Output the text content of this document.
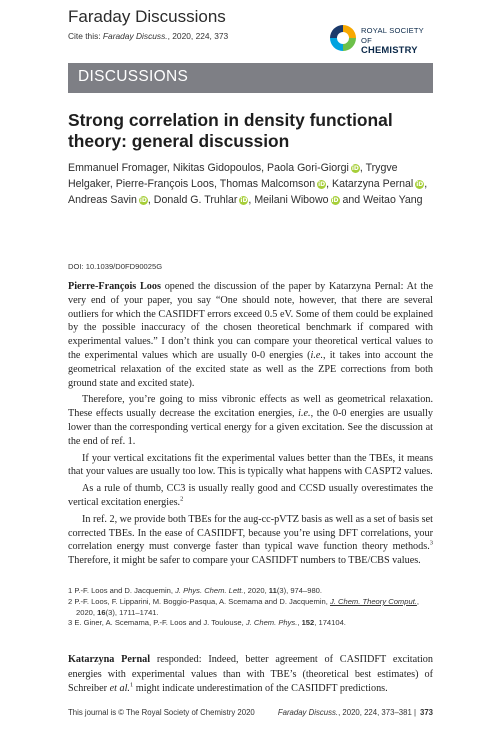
Faraday Discussions
Cite this: Faraday Discuss., 2020, 224, 373
ROYAL SOCIETY
OF CHEMISTRY
DISCUSSIONS
Strong correlation in density functional theory: general discussion
Emmanuel Fromager, Nikitas Gidopoulos, Paola Gori-Giorgi iD, Trygve Helgaker, Pierre-François Loos, Thomas Malcomson iD, Katarzyna Pernal iD, Andreas Savin iD, Donald G. Truhlar iD, Meilani Wibowo iD and Weitao Yang
DOI: 10.1039/D0FD90025G

Pierre-François Loos opened the discussion of the paper by Katarzyna Pernal: At the very end of your paper, you say “One should note, however, that there are several outliers for which the CASΠDFT errors exceed 0.5 eV. Some of them could be explained by the possible inaccuracy of the chosen theoretical benchmark if compared with experimental values.” I don’t think you can compare your theoretical vertical values to the experimental values which are usually 0-0 energies (i.e., it takes into account the geometrical relaxation of the excited state as well as the ZPE corrections from both ground state and excited state).

Therefore, you’re going to miss vibronic effects as well as geometrical relaxation. These effects usually decrease the excitation energies, i.e., the 0-0 energies are usually lower than the corresponding vertical energy for a given excitation. See the discussion at the end of ref. 1.

If your vertical excitations fit the experimental values better than the TBEs, it means that your values are usually too low. This is typically what happens with CASPT2 values.

As a rule of thumb, CC3 is usually really good and CCSD usually overestimates the vertical excitation energies.$^2$

In ref. 2, we provide both TBEs for the aug-cc-pVTZ basis as well as a set of basis set corrected TBEs. In the ease of CASΠDFT, because you’re using DFT correlations, your correlation energy must converge faster than typical wave function theory methods.$^3$ Therefore, it might be safer to compare your CASΠDFT numbers to TBE/CBS values.

1 P.-F. Loos and D. Jacquemin, J. Phys. Chem. Lett., 2020, 11(3), 974–980.
2 P.-F. Loos, F. Lipparini, M. Boggio-Pasqua, A. Scemama and D. Jacquemin, J. Chem. Theory Comput., 2020, 16(3), 1711–1741.
3 E. Giner, A. Scemama, P.-F. Loos and J. Toulouse, J. Chem. Phys., 152, 174104.
Katarzyna Pernal responded: Indeed, better agreement of CASΠDFT excitation energies with experimental values than with TBE’s (theoretical best estimates) of Schreiber et al.$^1$ might indicate underestimation of the CASΠDFT predictions.
This journal is © The Royal Society of Chemistry 2020	Faraday Discuss., 2020, 224, 373–381 | 373
